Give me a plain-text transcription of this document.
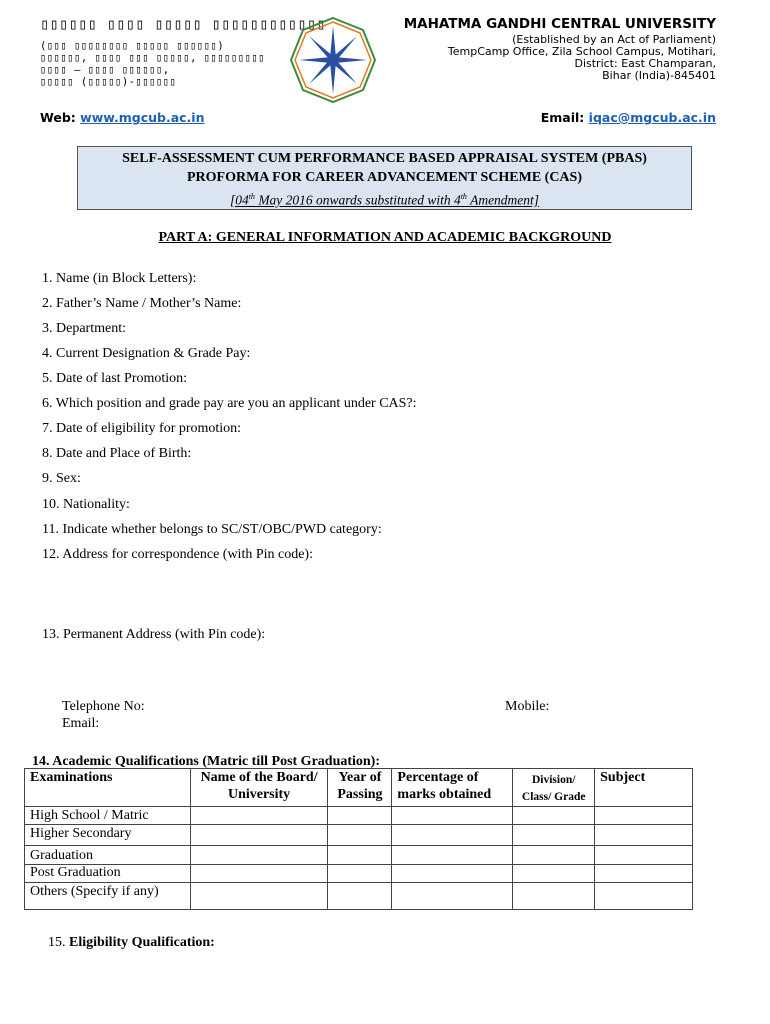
▯▯▯▯▯▯ ▯▯▯▯ ▯▯▯▯▯ ▯▯▯▯▯▯▯▯▯▯▯▯
(▯▯▯ ▯▯▯▯▯▯▯▯ ▯▯▯▯▯ ▯▯▯▯▯▯)
▯▯▯▯▯▯, ▯▯▯▯ ▯▯▯ ▯▯▯▯▯, ▯▯▯▯▯▯▯▯▯
▯▯▯▯ – ▯▯▯▯ ▯▯▯▯▯▯,
▯▯▯▯▯ (▯▯▯▯▯)-▯▯▯▯▯▯
MAHATMA GANDHI CENTRAL UNIVERSITY
(Established by an Act of Parliament)
TempCamp Office, Zila School Campus, Motihari,
District: East Champaran,
Bihar (India)-845401
Web: www.mgcub.ac.in	Email: iqac@mgcub.ac.in
SELF-ASSESSMENT CUM PERFORMANCE BASED APPRAISAL SYSTEM (PBAS)
PROFORMA FOR CAREER ADVANCEMENT SCHEME (CAS)
[04th May 2016 onwards substituted with 4th Amendment]
PART A: GENERAL INFORMATION AND ACADEMIC BACKGROUND
1. Name (in Block Letters):
2. Father’s Name / Mother’s Name:
3. Department:
4. Current Designation & Grade Pay:
5. Date of last Promotion:
6. Which position and grade pay are you an applicant under CAS?:
7. Date of eligibility for promotion:
8. Date and Place of Birth:
9. Sex:
10. Nationality:
11. Indicate whether belongs to SC/ST/OBC/PWD category:
12. Address for correspondence (with Pin code):
13. Permanent Address (with Pin code):
Telephone No:	Mobile:
Email:
14. Academic Qualifications (Matric till Post Graduation):
Examinations	Name of the Board/ University	Year of Passing	Percentage of marks obtained	Division/ Class/ Grade	Subject
High School / Matric					
Higher Secondary					
Graduation					
Post Graduation					
Others (Specify if any)					
15. Eligibility Qualification:
